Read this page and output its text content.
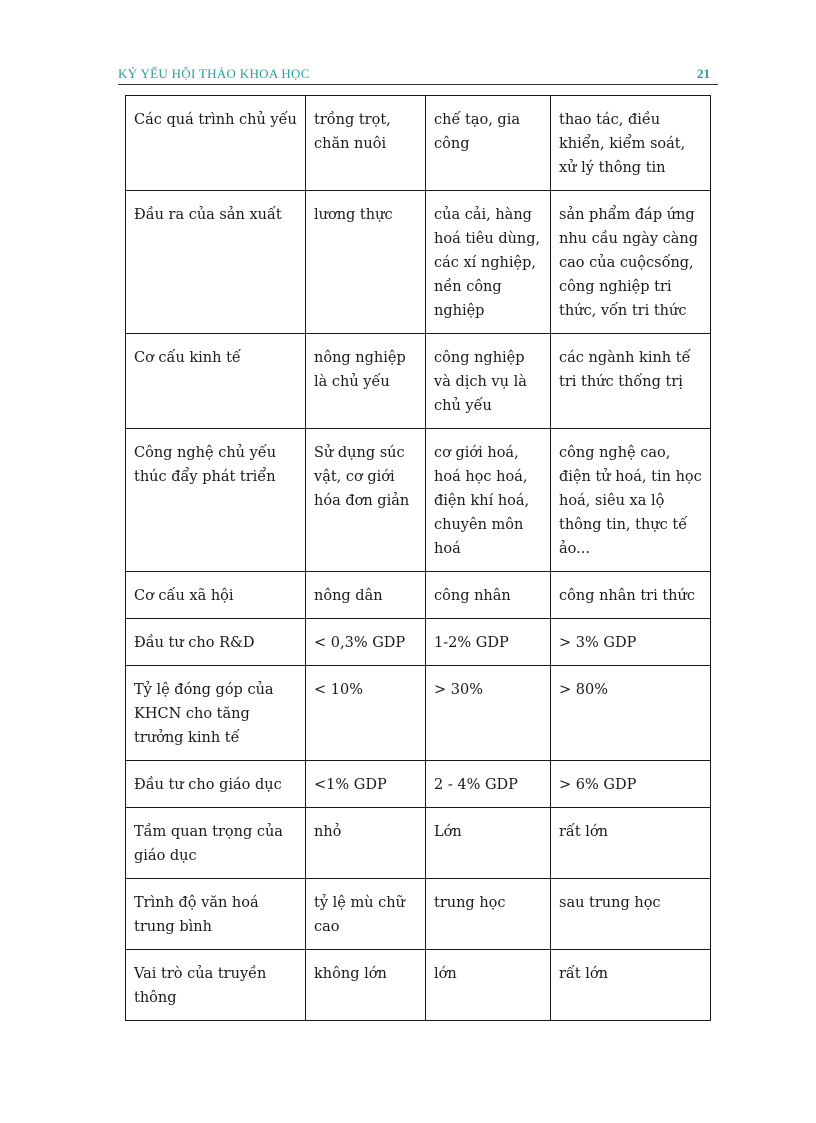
KỶ YẾU HỘI THẢO KHOA HỌC	21
Các quá trình chủ yếu	trồng trọt, chăn nuôi	chế tạo, gia công	thao tác, điều khiển, kiểm soát, xử lý thông tin
Đầu ra của sản xuất	lương thực	của cải, hàng hoá tiêu dùng, các xí nghiệp, nền công nghiệp	sản phẩm đáp ứng nhu cầu ngày càng cao của cuộcsống, công nghiệp tri thức, vốn tri thức
Cơ cấu kinh tế	nông nghiệp là chủ yếu	công nghiệp và dịch vụ là chủ yếu	các ngành kinh tế tri thức thống trị
Công nghệ chủ yếu thúc đẩy phát triển	Sử dụng súc vật, cơ giới hóa đơn giản	cơ giới hoá, hoá học hoá, điện khí hoá, chuyên môn hoá	công nghệ cao, điện tử hoá, tin học hoá, siêu xa lộ thông tin, thực tế ảo...
Cơ cấu xã hội	nông dân	công nhân	công nhân tri thức
Đầu tư cho R&D	< 0,3% GDP	1-2% GDP	> 3% GDP
Tỷ lệ đóng góp của KHCN cho tăng trưởng kinh tế	< 10%	> 30%	> 80%
Đầu tư cho giáo dục	<1% GDP	2 - 4% GDP	> 6% GDP
Tầm quan trọng của giáo dục	nhỏ	Lớn	rất lớn
Trình độ văn hoá trung bình	tỷ lệ mù chữ cao	trung học	sau trung học
Vai trò của truyền thông	không lớn	lớn	rất lớn
